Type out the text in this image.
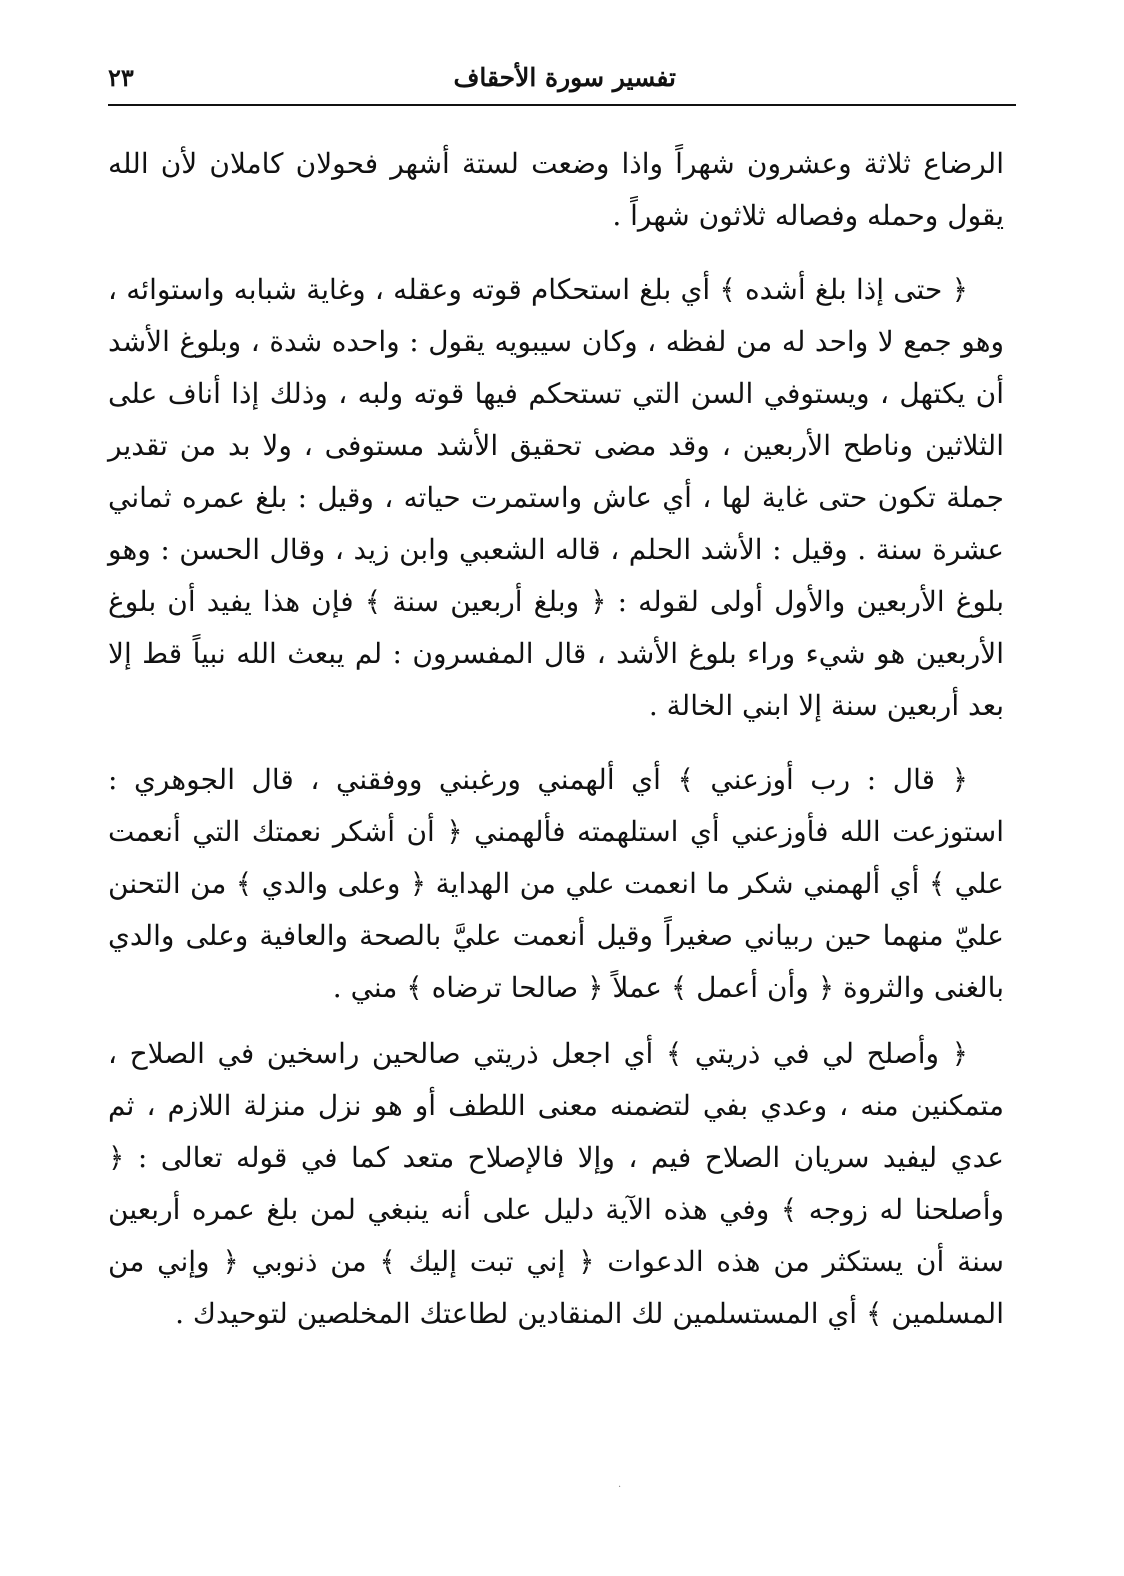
تفسير سورة الأحقاف
٢٣

الرضاع ثلاثة وعشرون شهراً واذا وضعت لستة أشهر فحولان كاملان لأن الله يقول وحمله وفصاله ثلاثون شهراً .

﴿ حتى إذا بلغ أشده ﴾ أي بلغ استحكام قوته وعقله ، وغاية شبابه واستوائه ، وهو جمع لا واحد له من لفظه ، وكان سيبويه يقول : واحده شدة ، وبلوغ الأشد أن يكتهل ، ويستوفي السن التي تستحكم فيها قوته ولبه ، وذلك إذا أناف على الثلاثين وناطح الأربعين ، وقد مضى تحقيق الأشد مستوفى ، ولا بد من تقدير جملة تكون حتى غاية لها ، أي عاش واستمرت حياته ، وقيل : بلغ عمره ثماني عشرة سنة . وقيل : الأشد الحلم ، قاله الشعبي وابن زيد ، وقال الحسن : وهو بلوغ الأربعين والأول أولى لقوله : ﴿ وبلغ أربعين سنة ﴾ فإن هذا يفيد أن بلوغ الأربعين هو شيء وراء بلوغ الأشد ، قال المفسرون : لم يبعث الله نبياً قط إلا بعد أربعين سنة إلا ابني الخالة .

﴿ قال : رب أوزعني ﴾ أي ألهمني ورغبني ووفقني ، قال الجوهري : استوزعت الله فأوزعني أي استلهمته فألهمني ﴿ أن أشكر نعمتك التي أنعمت علي ﴾ أي ألهمني شكر ما انعمت علي من الهداية ﴿ وعلى والدي ﴾ من التحنن عليّ منهما حين ربياني صغيراً وقيل أنعمت عليَّ بالصحة والعافية وعلى والدي بالغنى والثروة ﴿ وأن أعمل ﴾ عملاً ﴿ صالحا ترضاه ﴾ مني .

﴿ وأصلح لي في ذريتي ﴾ أي اجعل ذريتي صالحين راسخين في الصلاح ، متمكنين منه ، وعدي بفي لتضمنه معنى اللطف أو هو نزل منزلة اللازم ، ثم عدي ليفيد سريان الصلاح فيم ، وإلا فالإصلاح متعد كما في قوله تعالى : ﴿ وأصلحنا له زوجه ﴾ وفي هذه الآية دليل على أنه ينبغي لمن بلغ عمره أربعين سنة أن يستكثر من هذه الدعوات ﴿ إني تبت إليك ﴾ من ذنوبي ﴿ وإني من المسلمين ﴾ أي المستسلمين لك المنقادين لطاعتك المخلصين لتوحيدك .

·
